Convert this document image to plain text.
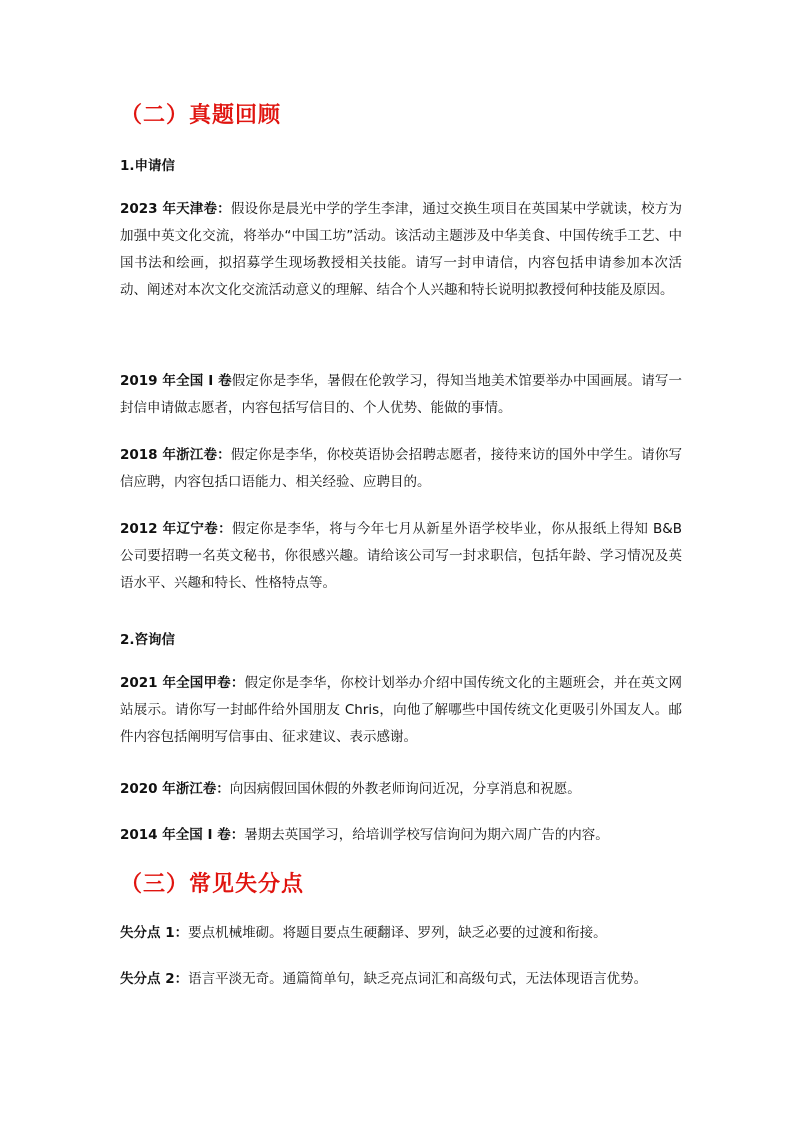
（二）真题回顾
1.申请信
2023 年天津卷：假设你是晨光中学的学生李津，通过交换生项目在英国某中学就读，校方为加强中英文化交流，将举办“中国工坊”活动。该活动主题涉及中华美食、中国传统手工艺、中国书法和绘画，拟招募学生现场教授相关技能。请写一封申请信，内容包括申请参加本次活动、阐述对本次文化交流活动意义的理解、结合个人兴趣和特长说明拟教授何种技能及原因。
2019 年全国 I 卷假定你是李华，暑假在伦敦学习，得知当地美术馆要举办中国画展。请写一封信申请做志愿者，内容包括写信目的、个人优势、能做的事情。
2018 年浙江卷：假定你是李华，你校英语协会招聘志愿者，接待来访的国外中学生。请你写信应聘，内容包括口语能力、相关经验、应聘目的。
2012 年辽宁卷：假定你是李华，将与今年七月从新星外语学校毕业，你从报纸上得知 B&B 公司要招聘一名英文秘书，你很感兴趣。请给该公司写一封求职信，包括年龄、学习情况及英语水平、兴趣和特长、性格特点等。
2.咨询信
2021 年全国甲卷：假定你是李华，你校计划举办介绍中国传统文化的主题班会，并在英文网站展示。请你写一封邮件给外国朋友 Chris，向他了解哪些中国传统文化更吸引外国友人。邮件内容包括阐明写信事由、征求建议、表示感谢。
2020 年浙江卷：向因病假回国休假的外教老师询问近况，分享消息和祝愿。
2014 年全国 I 卷：暑期去英国学习，给培训学校写信询问为期六周广告的内容。
（三）常见失分点
失分点 1：要点机械堆砌。将题目要点生硬翻译、罗列，缺乏必要的过渡和衔接。
失分点 2：语言平淡无奇。通篇简单句，缺乏亮点词汇和高级句式，无法体现语言优势。
